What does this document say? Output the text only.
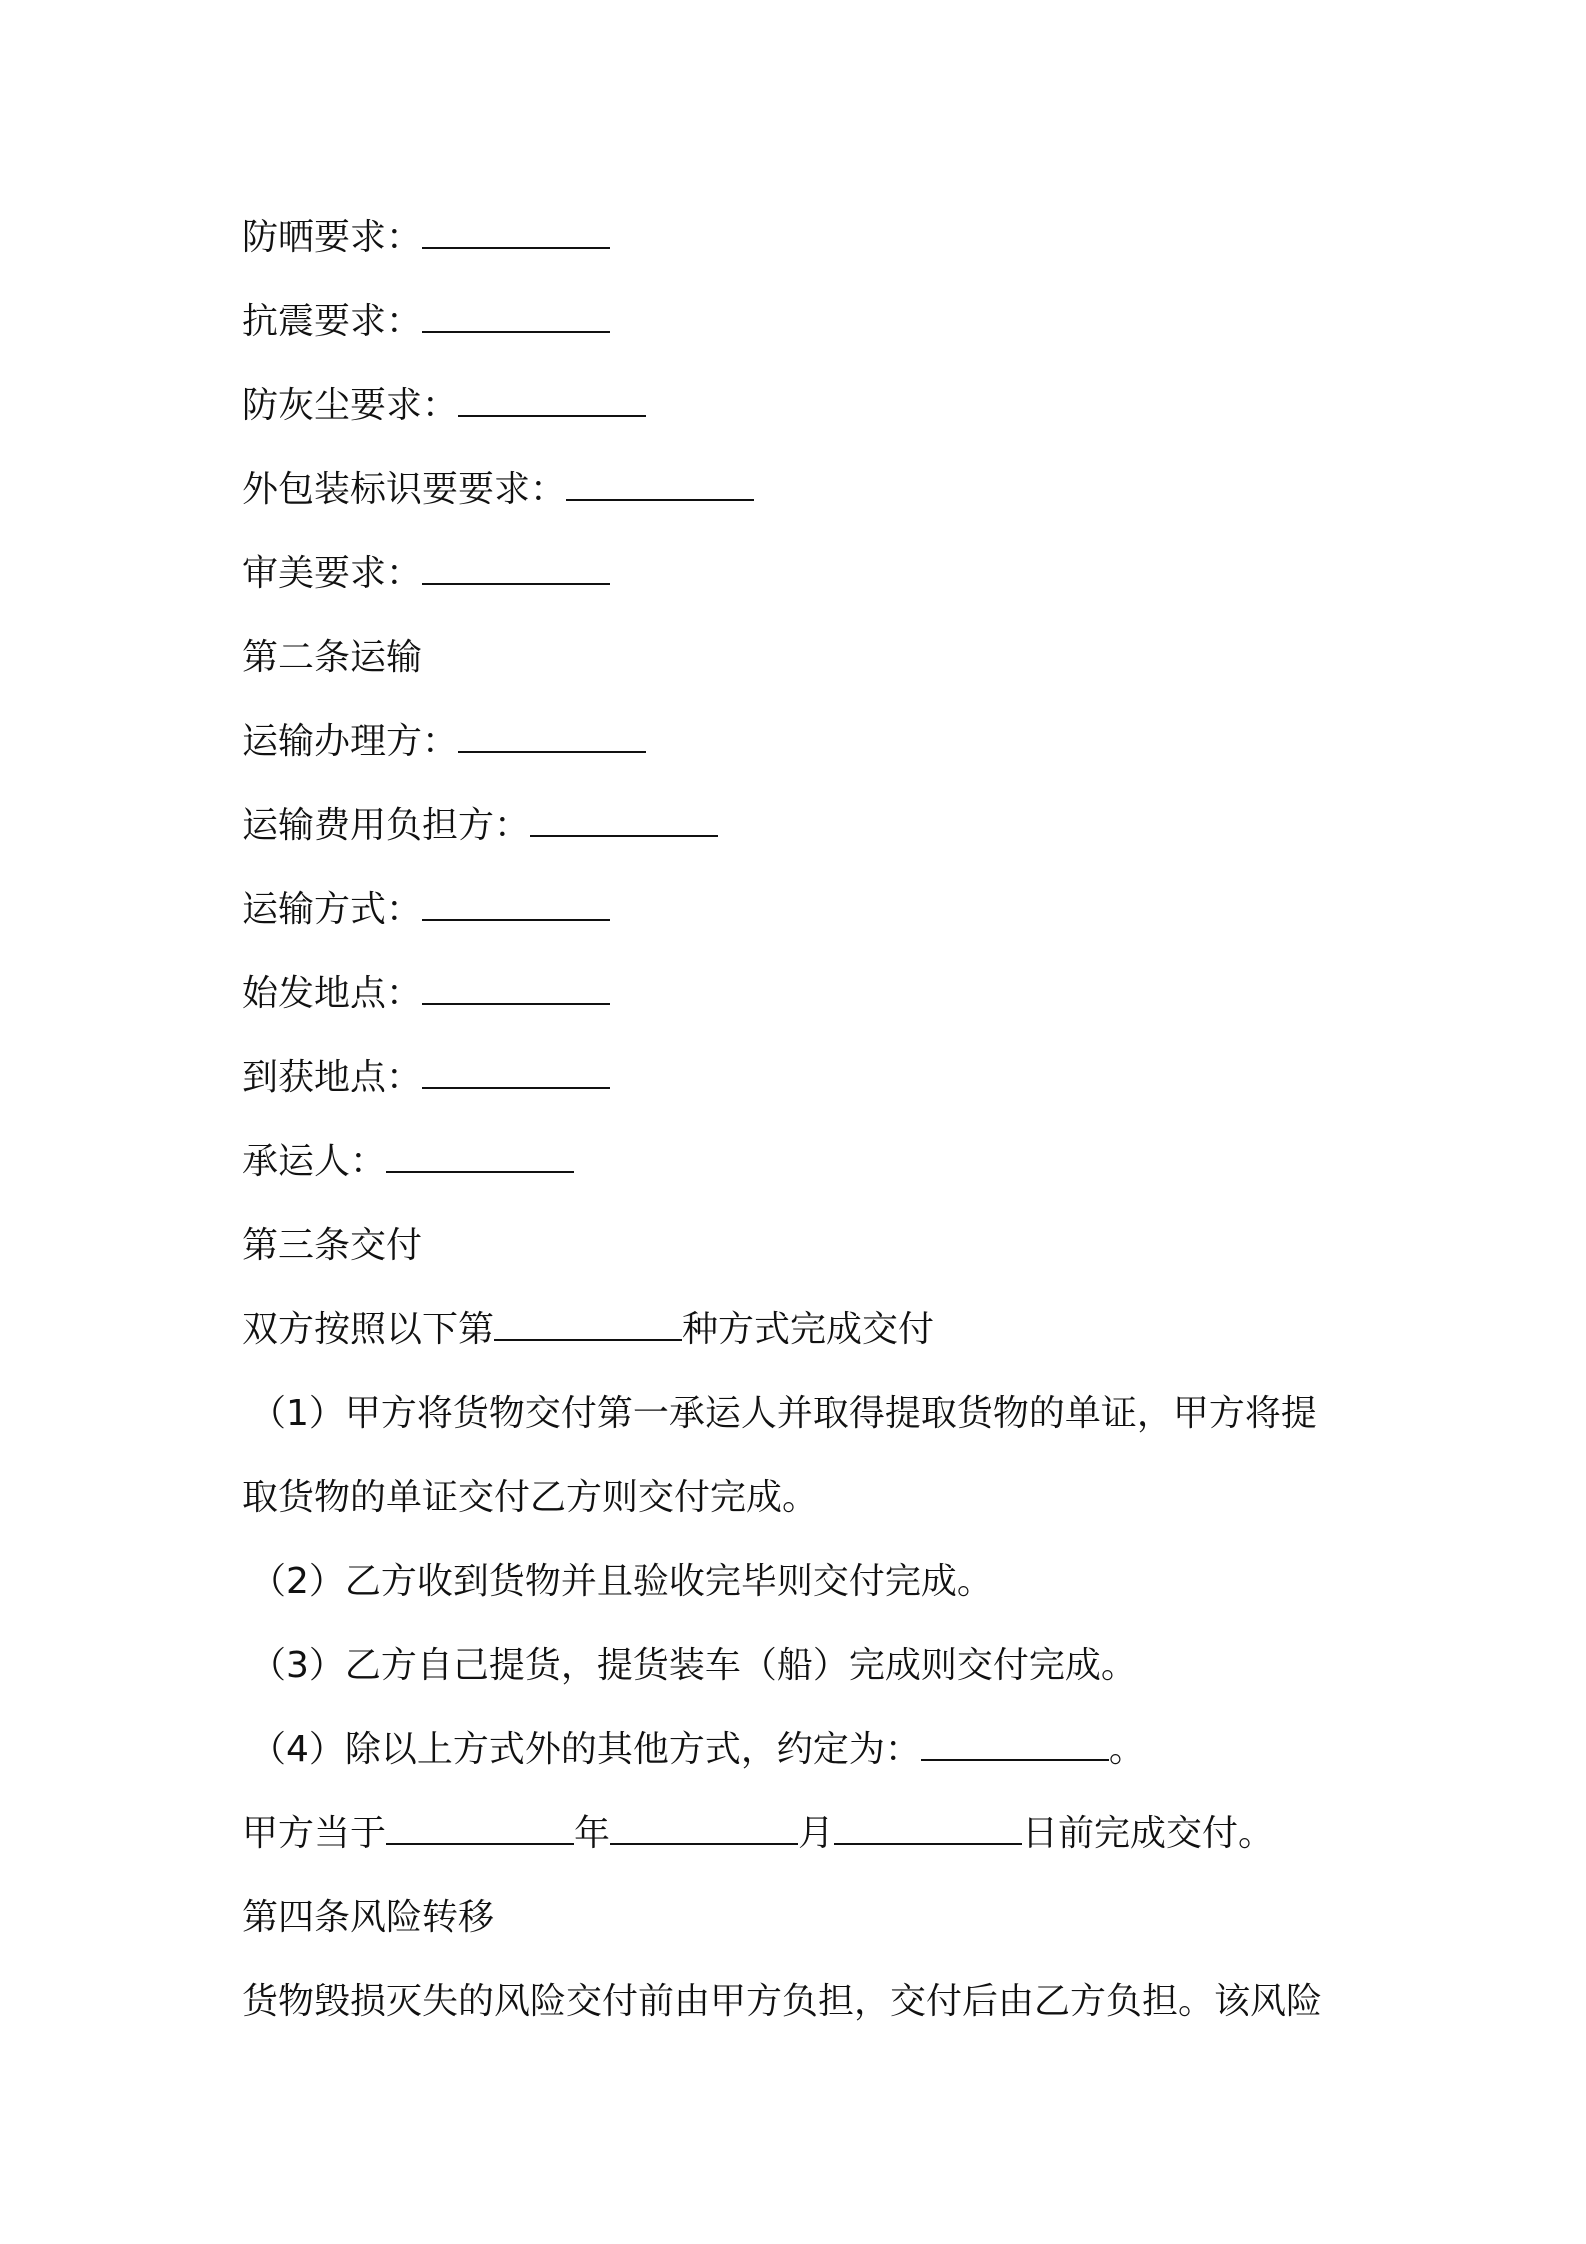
防晒要求：
抗震要求：
防灰尘要求：
外包装标识要要求：
审美要求：
第二条运输
运输办理方：
运输费用负担方：
运输方式：
始发地点：
到获地点：
承运人：
第三条交付
双方按照以下第	种方式完成交付
（1）甲方将货物交付第一承运人并取得提取货物的单证，甲方将提
取货物的单证交付乙方则交付完成。
（2）乙方收到货物并且验收完毕则交付完成。
（3）乙方自己提货，提货装车（船）完成则交付完成。
（4）除以上方式外的其他方式，约定为：	。
甲方当于	年	月	日前完成交付。
第四条风险转移
货物毁损灭失的风险交付前由甲方负担，交付后由乙方负担。该风险
